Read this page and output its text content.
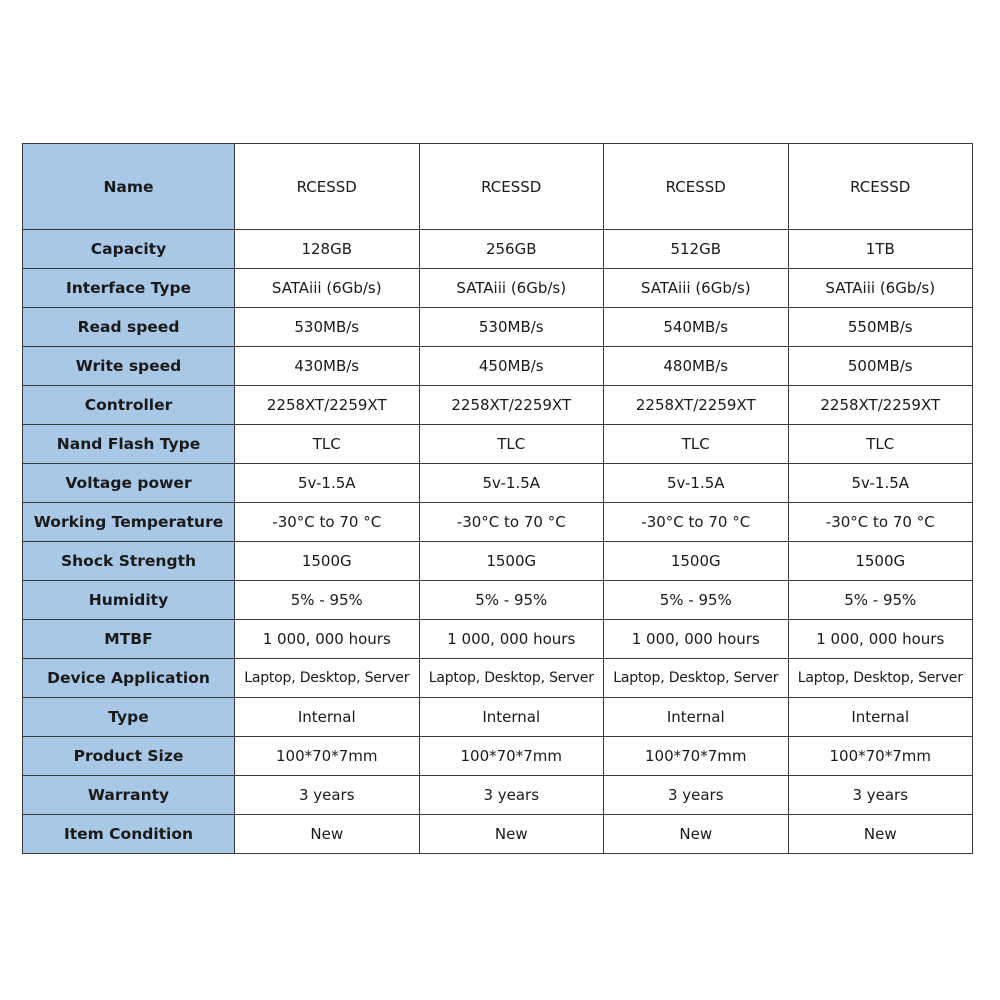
Name	RCESSD	RCESSD	RCESSD	RCESSD
Capacity	128GB	256GB	512GB	1TB
Interface Type	SATAiii (6Gb/s)	SATAiii (6Gb/s)	SATAiii (6Gb/s)	SATAiii (6Gb/s)
Read speed	530MB/s	530MB/s	540MB/s	550MB/s
Write speed	430MB/s	450MB/s	480MB/s	500MB/s
Controller	2258XT/2259XT	2258XT/2259XT	2258XT/2259XT	2258XT/2259XT
Nand Flash Type	TLC	TLC	TLC	TLC
Voltage power	5v-1.5A	5v-1.5A	5v-1.5A	5v-1.5A
Working Temperature	-30°C to 70 °C	-30°C to 70 °C	-30°C to 70 °C	-30°C to 70 °C
Shock Strength	1500G	1500G	1500G	1500G
Humidity	5% - 95%	5% - 95%	5% - 95%	5% - 95%
MTBF	1 000, 000 hours	1 000, 000 hours	1 000, 000 hours	1 000, 000 hours
Device Application	Laptop, Desktop, Server	Laptop, Desktop, Server	Laptop, Desktop, Server	Laptop, Desktop, Server
Type	Internal	Internal	Internal	Internal
Product Size	100*70*7mm	100*70*7mm	100*70*7mm	100*70*7mm
Warranty	3 years	3 years	3 years	3 years
Item Condition	New	New	New	New
